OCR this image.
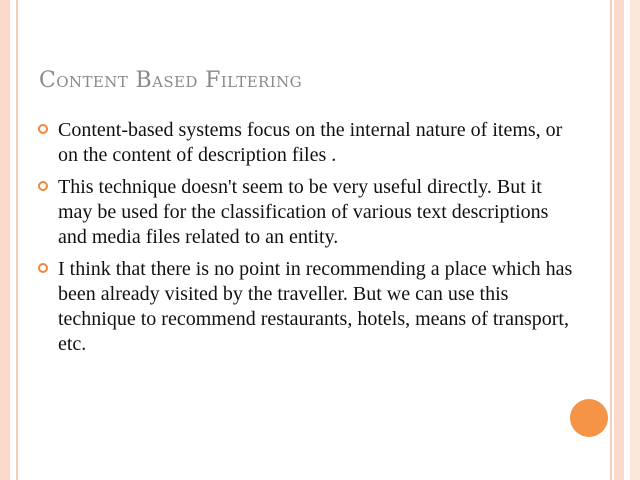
Content Based Filtering
Content-based systems focus on the internal nature of items, or on the content of description files .
This technique doesn't seem to be very useful directly. But it may be used for the classification of various text descriptions and media files related to an entity.
I think that there is no point in recommending a place which has been already visited by the traveller. But we can use this technique to recommend restaurants, hotels, means of transport, etc.
